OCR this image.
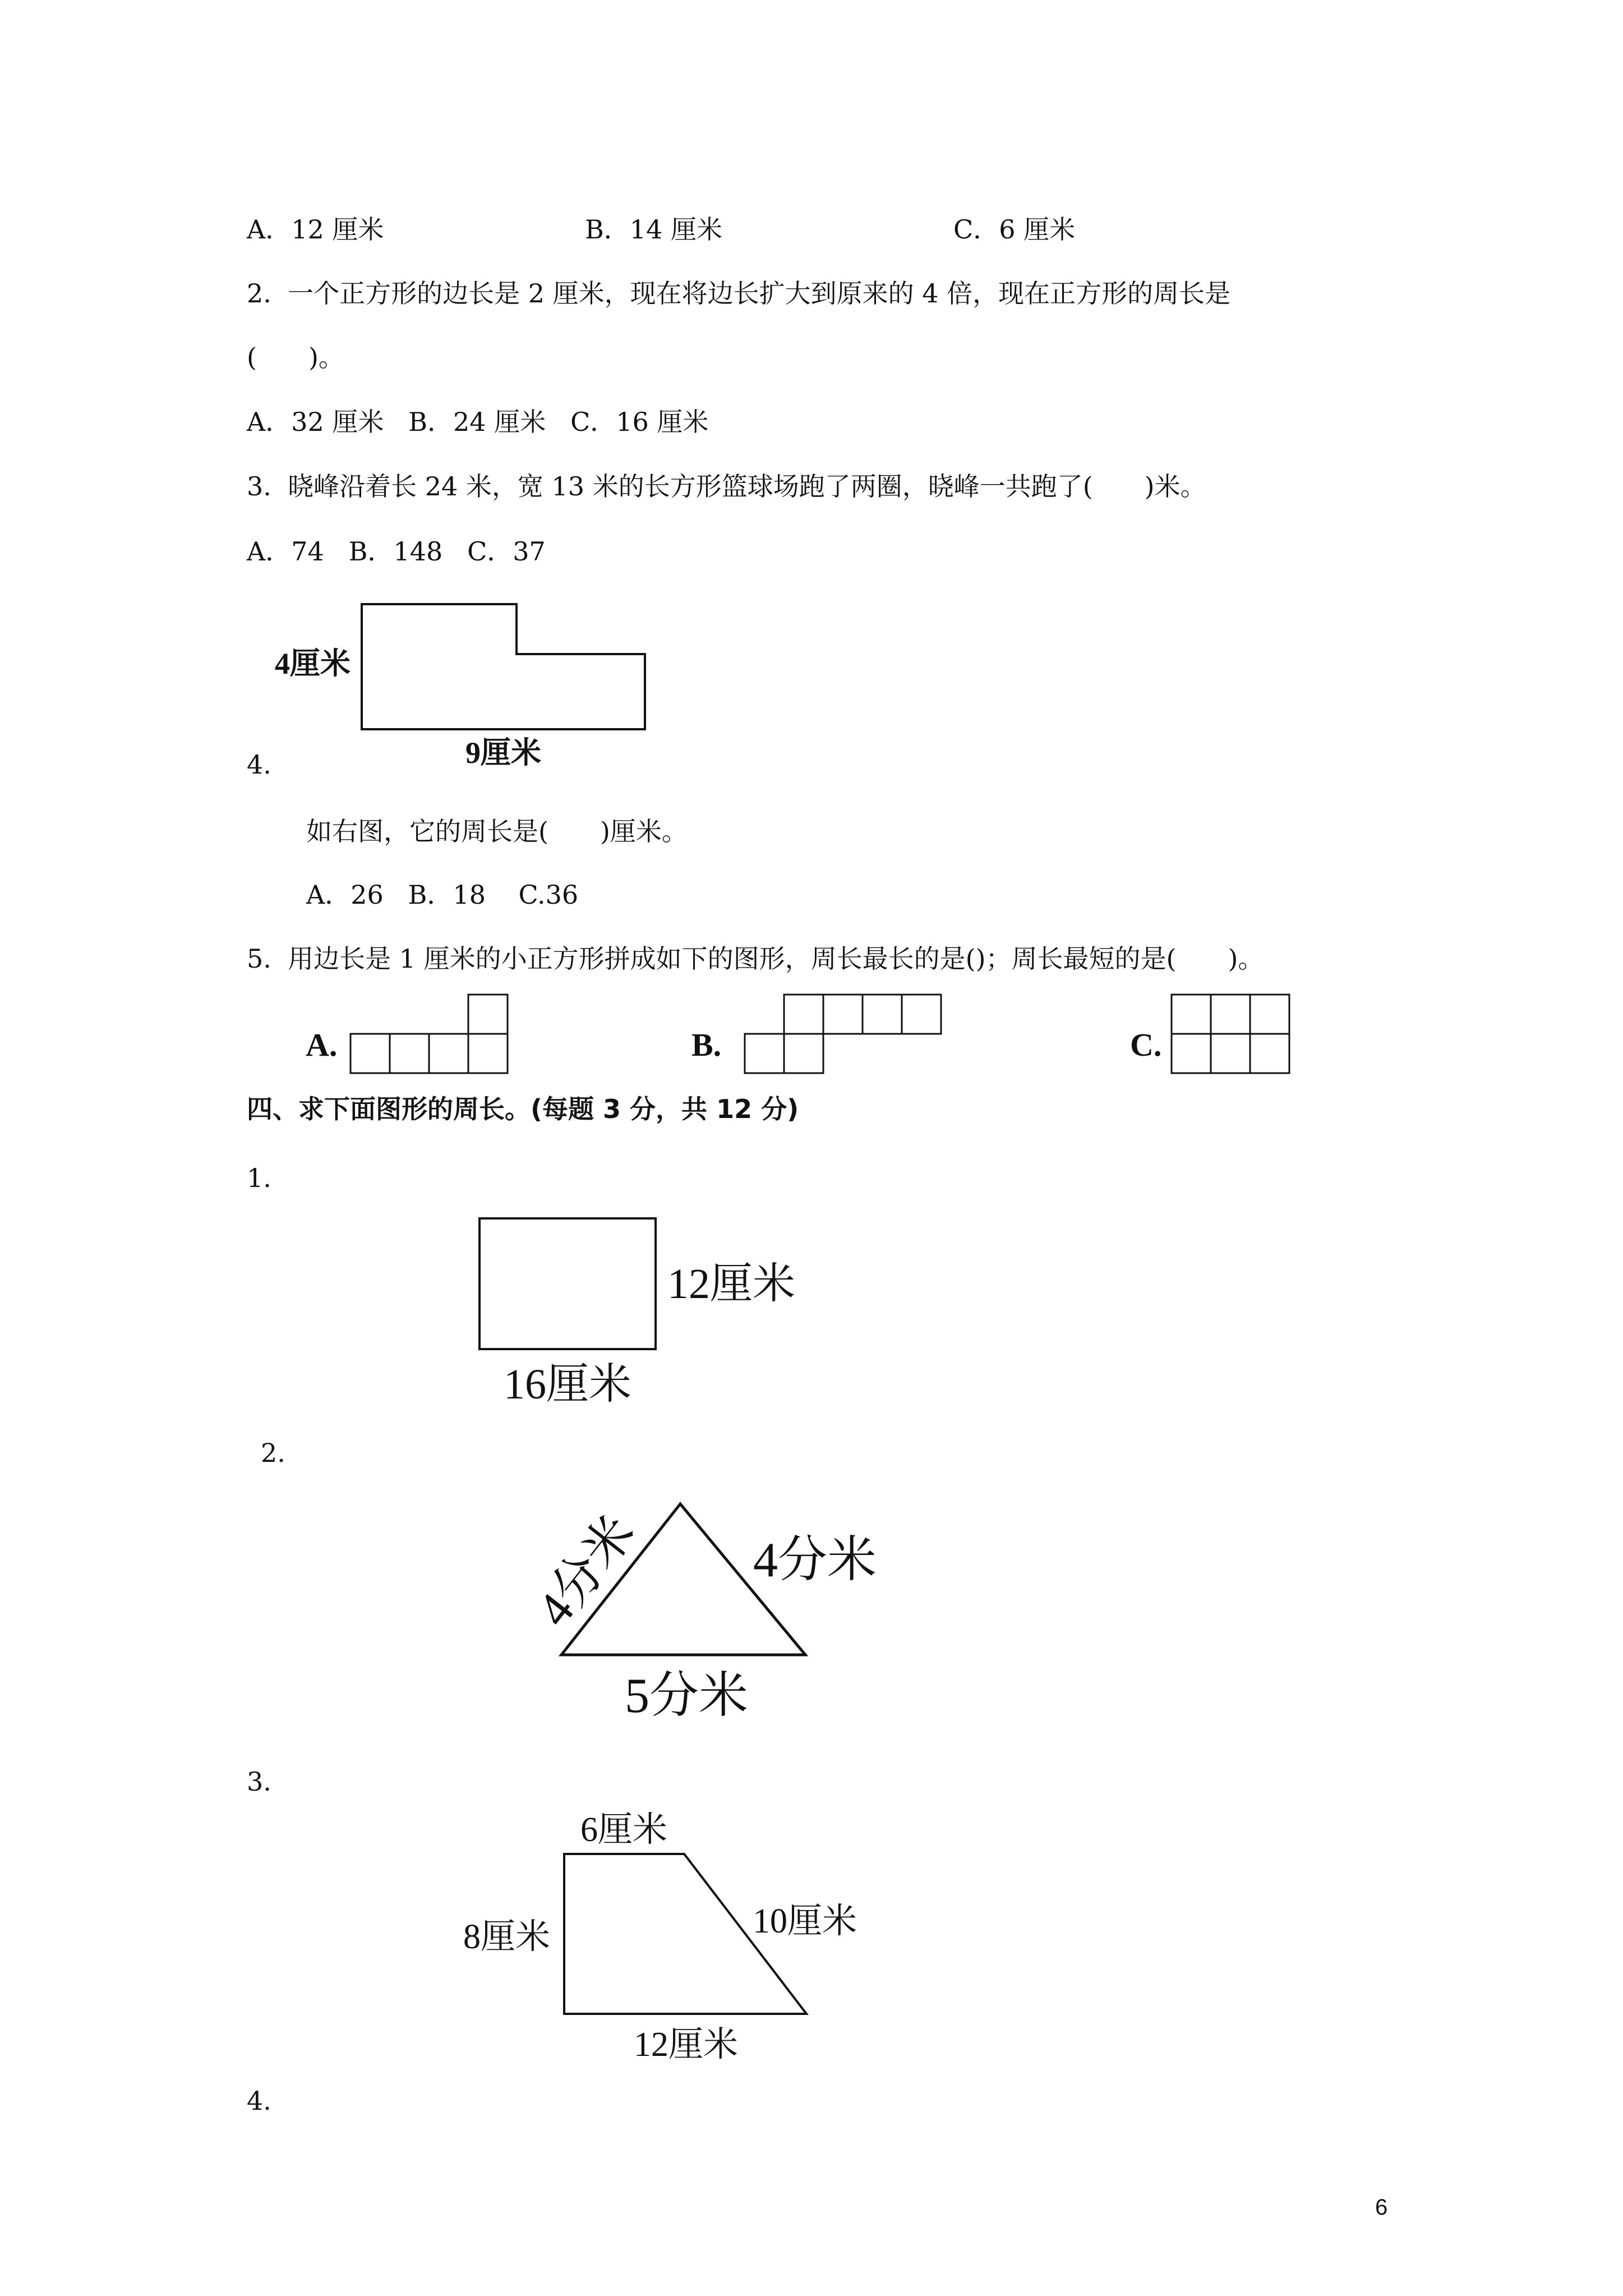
A．12 厘米	B．14 厘米	C．6 厘米
2.  一个正方形的边长是 2 厘米，现在将边长扩大到原来的 4 倍，现在正方形的周长是
(　　)。
A．32 厘米   B．24 厘米   C．16 厘米
3.  晓峰沿着长 24 米，宽 13 米的长方形篮球场跑了两圈，晓峰一共跑了(　　)米。
A．74   B．148   C．37
4.
如右图，它的周长是(　　)厘米。
A．26   B．18    C.36
5.  用边长是 1 厘米的小正方形拼成如下的图形，周长最长的是()；周长最短的是(　　)。
四、求下面图形的周长。(每题 3 分，共 12 分)
1.
2.
3.
4.
6
4厘米
9厘米
A.	B.	C.
12厘米
16厘米
4分米 4分米
5分米
6厘米
8厘米	10厘米
12厘米
